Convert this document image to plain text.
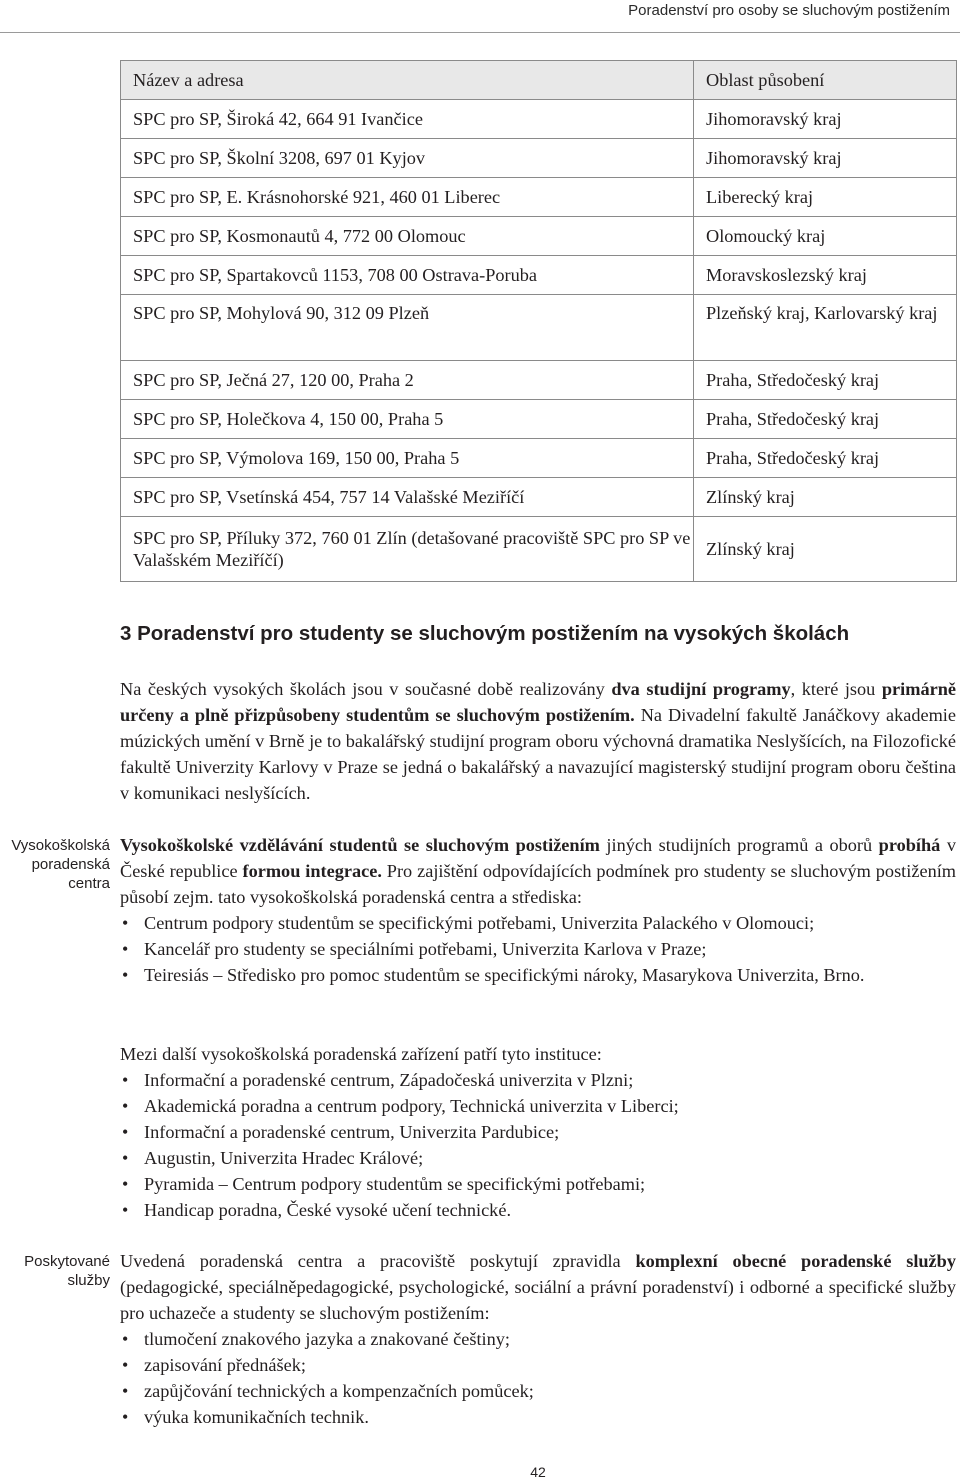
Poradenství pro osoby se sluchovým postižením
Název a adresa	Oblast působení
SPC pro SP, Široká 42, 664 91 Ivančice	Jihomoravský kraj
SPC pro SP, Školní 3208, 697 01 Kyjov	Jihomoravský kraj
SPC pro SP, E. Krásnohorské 921, 460 01 Liberec	Liberecký kraj
SPC pro SP, Kosmonautů 4, 772 00 Olomouc	Olomoucký kraj
SPC pro SP, Spartakovců 1153, 708 00 Ostrava-Poruba	Moravskoslezský kraj
SPC pro SP, Mohylová 90, 312 09 Plzeň	Plzeňský kraj, Karlovarský kraj
SPC pro SP, Ječná 27, 120 00, Praha 2	Praha, Středočeský kraj
SPC pro SP, Holečkova 4, 150 00, Praha 5	Praha, Středočeský kraj
SPC pro SP, Výmolova 169, 150 00, Praha 5	Praha, Středočeský kraj
SPC pro SP, Vsetínská 454, 757 14 Valašské Meziříčí	Zlínský kraj
SPC pro SP, Příluky 372, 760 01 Zlín (detašované pracoviště SPC pro SP ve Valašském Meziříčí)	Zlínský kraj
3 Poradenství pro studenty se sluchovým postižením na vysokých školách

Na českých vysokých školách jsou v současné době realizovány dva studijní programy, které jsou primárně určeny a plně přizpůsobeny studentům se sluchovým postižením. Na Divadelní fakultě Janáčkovy akademie múzických umění v Brně je to bakalářský studijní program oboru výchovná dramatika Neslyšících, na Filozofické fakultě Univerzity Karlovy v Praze se jedná o bakalářský a navazující magisterský studijní program oboru čeština v komunikaci neslyšících.

Vysokoškolská poradenská centra

Vysokoškolské vzdělávání studentů se sluchovým postižením jiných studijních programů a oborů probíhá v České republice formou integrace. Pro zajištění odpovídajících podmínek pro studenty se sluchovým postižením působí zejm. tato vysokoškolská poradenská centra a střediska:

• Centrum podpory studentům se specifickými potřebami, Univerzita Palackého v Olomouci;
• Kancelář pro studenty se speciálními potřebami, Univerzita Karlova v Praze;
• Teiresiás – Středisko pro pomoc studentům se specifickými nároky, Masarykova Univerzita, Brno.

Mezi další vysokoškolská poradenská zařízení patří tyto instituce:

• Informační a poradenské centrum, Západočeská univerzita v Plzni;
• Akademická poradna a centrum podpory, Technická univerzita v Liberci;
• Informační a poradenské centrum, Univerzita Pardubice;
• Augustin, Univerzita Hradec Králové;
• Pyramida – Centrum podpory studentům se specifickými potřebami;
• Handicap poradna, České vysoké učení technické.
Poskytované služby

Uvedená poradenská centra a pracoviště poskytují zpravidla komplexní obecné poradenské služby (pedagogické, speciálněpedagogické, psychologické, sociální a právní poradenství) i odborné a specifické služby pro uchazeče a studenty se sluchovým postižením:

• tlumočení znakového jazyka a znakované češtiny;
• zapisování přednášek;
• zapůjčování technických a kompenzačních pomůcek;
• výuka komunikačních technik.
42
